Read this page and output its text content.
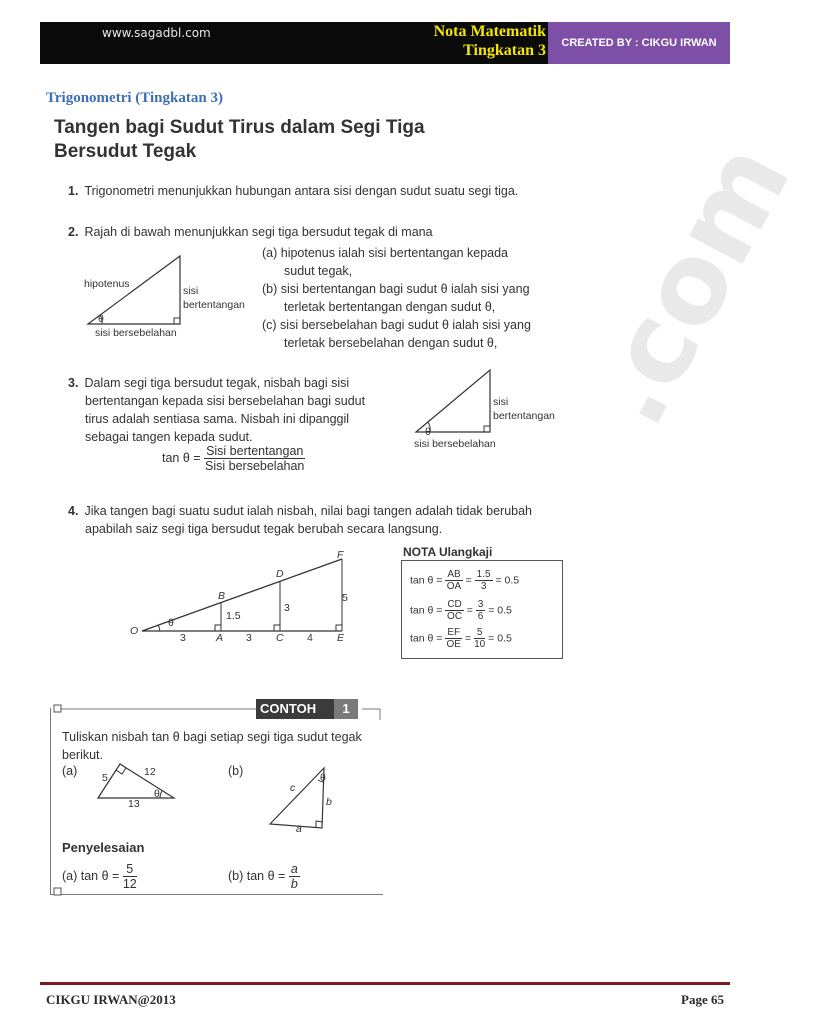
www.sagadbl.com	Nota Matematik
Tingkatan 3	CREATED BY : CIKGU IRWAN
.com
Trigonometri (Tingkatan 3)
Tangen bagi Sudut Tirus dalam Segi Tiga
Bersudut Tegak
1. Trigonometri menunjukkan hubungan antara sisi dengan sudut suatu segi tiga.
2. Rajah di bawah menunjukkan segi tiga bersudut tegak di mana
hipotenus
sisi
bertentangan
θ
sisi bersebelahan
(a) hipotenus ialah sisi bertentangan kepada
sudut tegak,
(b) sisi bertentangan bagi sudut θ ialah sisi yang
terletak bertentangan dengan sudut θ,
(c) sisi bersebelahan bagi sudut θ ialah sisi yang
terletak bersebelahan dengan sudut θ,
3. Dalam segi tiga bersudut tegak, nisbah bagi sisi
bertentangan kepada sisi bersebelahan bagi sudut
tirus adalah sentiasa sama. Nisbah ini dipanggil
sebagai tangen kepada sudut.
$\tan \theta = \frac{\text{Sisi bertentangan}}{\text{Sisi bersebelahan}}$
sisi
bertentangan
θ
sisi bersebelahan
4. Jika tangen bagi suatu sudut ialah nisbah, nilai bagi tangen adalah tidak berubah
apabilah saiz segi tiga bersudut tegak berubah secara langsung.
O
A
B
C
D
E
F
θ
3	3	4
1.5
3
5
NOTA Ulangkaji
$\tan \theta = \frac{AB}{OA} = \frac{1.5}{3} = 0.5$
$\tan \theta = \frac{CD}{OC} = \frac{3}{6} = 0.5$
$\tan \theta = \frac{EF}{OE} = \frac{5}{10} = 0.5$
CONTOH	1
Tuliskan nisbah tan θ bagi setiap segi tiga sudut tegak
berikut.
(a)	(b)
5	12
13
θ	c
b
a
θ
Penyelesaian
(a) $\tan \theta = \frac{5}{12}$	(b) $\tan \theta = \frac{a}{b}$
CIKGU IRWAN@2013	Page 65
